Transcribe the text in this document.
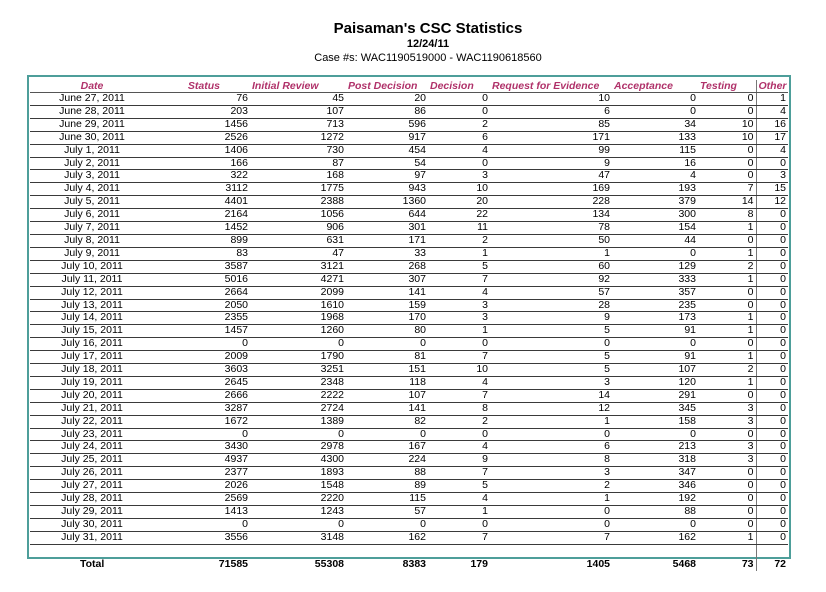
Paisaman's CSC Statistics
12/24/11
Case #s: WAC1190519000 - WAC1190618560
Date	Status	Initial Review	Post Decision	Decision	Request for Evidence	Acceptance	Testing	Other
June 27, 2011	76	45	20	0	10	0	0	1
June 28, 2011	203	107	86	0	6	0	0	4
June 29, 2011	1456	713	596	2	85	34	10	16
June 30, 2011	2526	1272	917	6	171	133	10	17
July 1, 2011	1406	730	454	4	99	115	0	4
July 2, 2011	166	87	54	0	9	16	0	0
July 3, 2011	322	168	97	3	47	4	0	3
July 4, 2011	3112	1775	943	10	169	193	7	15
July 5, 2011	4401	2388	1360	20	228	379	14	12
July 6, 2011	2164	1056	644	22	134	300	8	0
July 7, 2011	1452	906	301	11	78	154	1	0
July 8, 2011	899	631	171	2	50	44	0	0
July 9, 2011	83	47	33	1	1	0	1	0
July 10, 2011	3587	3121	268	5	60	129	2	0
July 11, 2011	5016	4271	307	7	92	333	1	0
July 12, 2011	2664	2099	141	4	57	357	0	0
July 13, 2011	2050	1610	159	3	28	235	0	0
July 14, 2011	2355	1968	170	3	9	173	1	0
July 15, 2011	1457	1260	80	1	5	91	1	0
July 16, 2011	0	0	0	0	0	0	0	0
July 17, 2011	2009	1790	81	7	5	91	1	0
July 18, 2011	3603	3251	151	10	5	107	2	0
July 19, 2011	2645	2348	118	4	3	120	1	0
July 20, 2011	2666	2222	107	7	14	291	0	0
July 21, 2011	3287	2724	141	8	12	345	3	0
July 22, 2011	1672	1389	82	2	1	158	3	0
July 23, 2011	0	0	0	0	0	0	0	0
July 24, 2011	3430	2978	167	4	6	213	3	0
July 25, 2011	4937	4300	224	9	8	318	3	0
July 26, 2011	2377	1893	88	7	3	347	0	0
July 27, 2011	2026	1548	89	5	2	346	0	0
July 28, 2011	2569	2220	115	4	1	192	0	0
July 29, 2011	1413	1243	57	1	0	88	0	0
July 30, 2011	0	0	0	0	0	0	0	0
July 31, 2011	3556	3148	162	7	7	162	1	0

Total	71585	55308	8383	179	1405	5468	73	72
